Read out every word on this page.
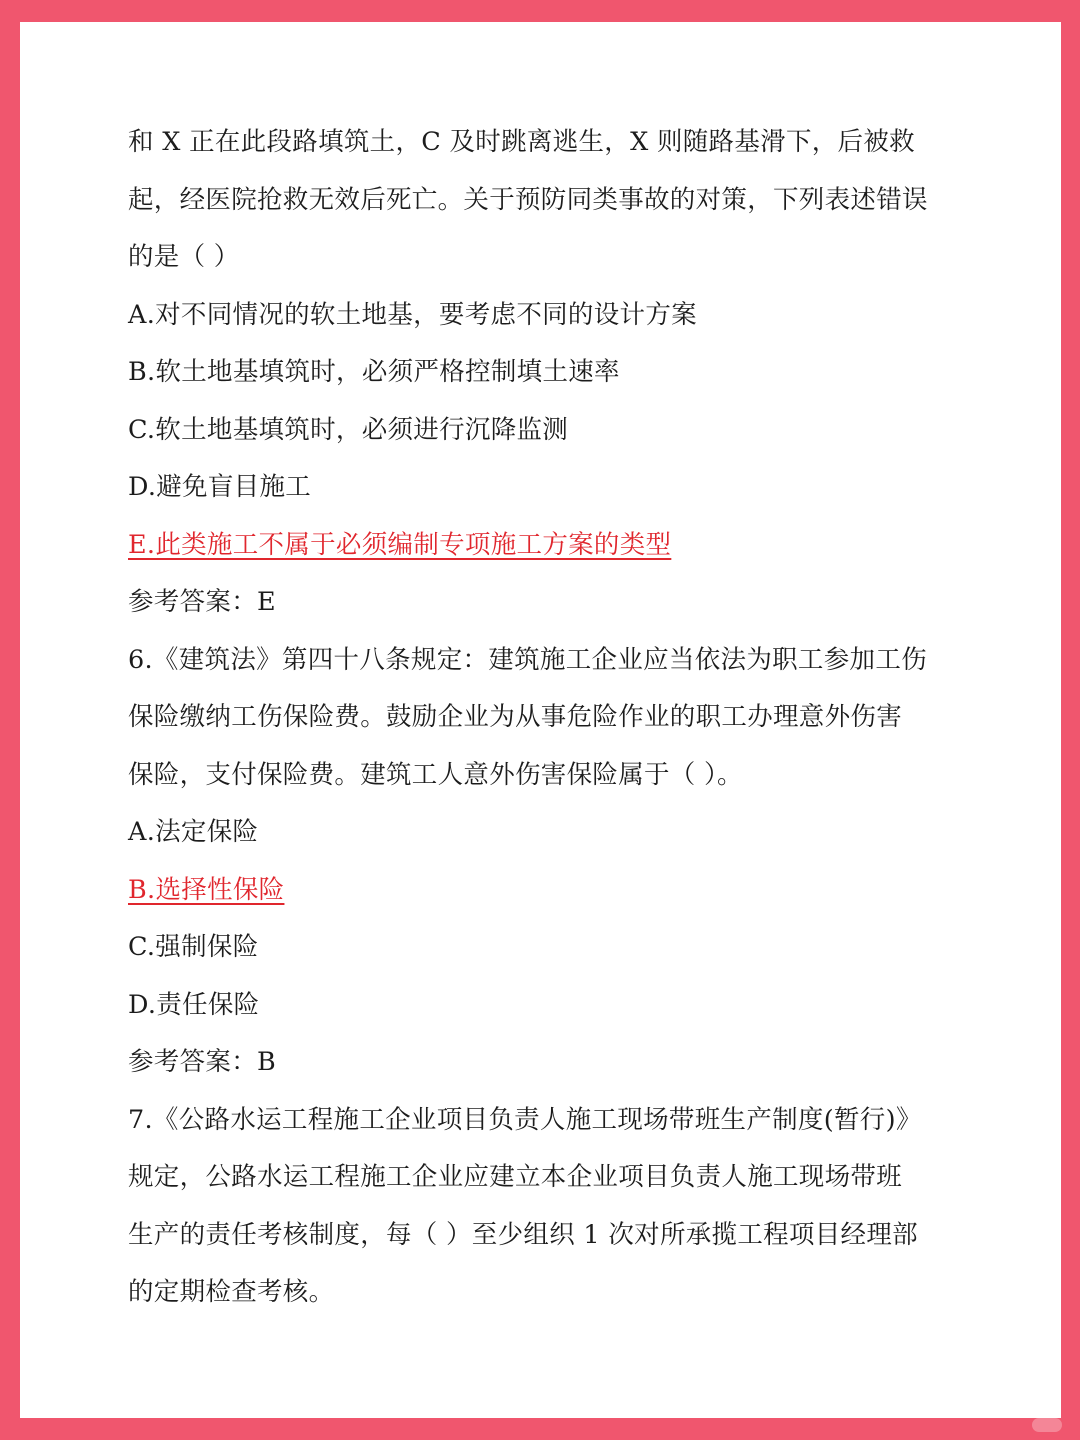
和 X 正在此段路填筑土，C 及时跳离逃生，X 则随路基滑下，后被救
起，经医院抢救无效后死亡。关于预防同类事故的对策，下列表述错误
的是（ ）
A.对不同情况的软土地基，要考虑不同的设计方案
B.软土地基填筑时，必须严格控制填土速率
C.软土地基填筑时，必须进行沉降监测
D.避免盲目施工
E.此类施工不属于必须编制专项施工方案的类型
参考答案：E
6.《建筑法》第四十八条规定：建筑施工企业应当依法为职工参加工伤
保险缴纳工伤保险费。鼓励企业为从事危险作业的职工办理意外伤害
保险，支付保险费。建筑工人意外伤害保险属于（ ）。
A.法定保险
B.选择性保险
C.强制保险
D.责任保险
参考答案：B
7.《公路水运工程施工企业项目负责人施工现场带班生产制度(暂行)》
规定，公路水运工程施工企业应建立本企业项目负责人施工现场带班
生产的责任考核制度，每（ ）至少组织 1 次对所承揽工程项目经理部
的定期检查考核。
